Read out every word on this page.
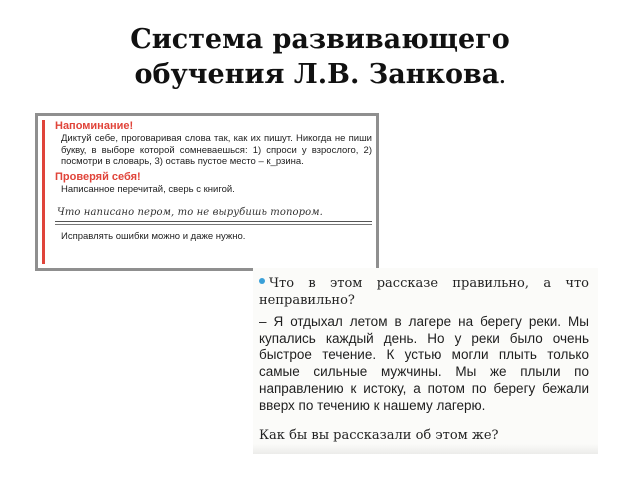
Система развивающего
обучения Л.В. Занкова.
Напоминание!
Диктуй себе, проговаривая слова так, как их пишут. Никогда не пиши букву, в выборе которой сомневаешься: 1) спроси у взрослого, 2) посмотри в словарь, 3) оставь пустое место – к_рзина.
Проверяй себя!
Написанное перечитай, сверь с книгой.
Что написано пером, то не вырубишь топором.
Исправлять ошибки можно и даже нужно.
Что в этом рассказе правильно, а что неправильно?
– Я отдыхал летом в лагере на берегу реки. Мы купались каждый день. Но у реки было очень быстрое течение. К устью могли плыть только самые сильные мужчины. Мы же плыли по направлению к истоку, а потом по берегу бежали вверх по течению к нашему лагерю.
Как бы вы рассказали об этом же?
